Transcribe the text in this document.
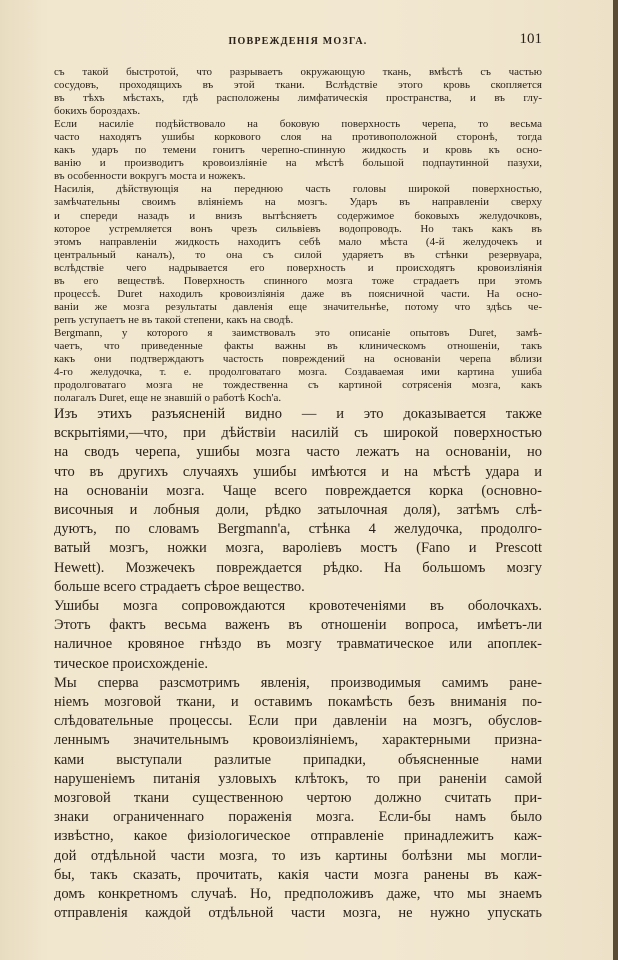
ПОВРЕЖДЕНІЯ МОЗГА.	101
съ такой быстротой, что разрываетъ окружающую ткань, вмѣстѣ съ частью
сосудовъ, проходящихъ въ этой ткани. Вслѣдствіе этого кровь скопляется
въ тѣхъ мѣстахъ, гдѣ расположены лимфатическія пространства, и въ глу-
бокихъ бороздахъ.
Если насиліе подѣйствовало на боковую поверхность черепа, то весьма
часто находятъ ушибы коркового слоя на противоположной сторонѣ, тогда
какъ ударъ по темени гонитъ черепно-спинную жидкость и кровь къ осно-
ванію и производитъ кровоизліяніе на мѣстѣ большой подпаутинной пазухи,
въ особенности вокругъ моста и ножекъ.
Насилія, дѣйствующія на переднюю часть головы широкой поверхностью,
замѣчательны своимъ вліяніемъ на мозгъ. Ударъ въ направленіи сверху
и спереди назадъ и внизъ вытѣсняетъ содержимое боковыхъ желудочковъ,
которое устремляется вонъ чрезъ сильвіевъ водопроводъ. Но такъ какъ въ
этомъ направленіи жидкость находитъ себѣ мало мѣста (4-й желудочекъ и
центральный каналъ), то она съ силой ударяетъ въ стѣнки резервуара,
вслѣдствіе чего надрывается его поверхность и происходятъ кровоизліянія
въ его веществѣ. Поверхность спинного мозга тоже страдаетъ при этомъ
процессѣ. Duret находилъ кровоизліянія даже въ поясничной части. На осно-
ваніи же мозга результаты давленія еще значительнѣе, потому что здѣсь че-
репъ уступаетъ не въ такой степени, какъ на сводѣ.
Bergmann, у которого я заимствовалъ это описаніе опытовъ Duret, замѣ-
чаетъ, что приведенные факты важны въ клиническомъ отношеніи, такъ
какъ они подтверждаютъ частость повреждений на основаніи черепа вблизи
4-го желудочка, т. е. продолговатаго мозга. Создаваемая ими картина ушиба
продолговатаго мозга не тождественна съ картиной сотрясенія мозга, какъ
полагалъ Duret, еще не знавшій о работѣ Koch'а.
Изъ этихъ разъясненій видно — и это доказывается также
вскрытіями,—что, при дѣйствіи насилій съ широкой поверхностью
на сводъ черепа, ушибы мозга часто лежатъ на основаніи, но
что въ другихъ случаяхъ ушибы имѣются и на мѣстѣ удара и
на основаніи мозга. Чаще всего повреждается корка (основно-
височныя и лобныя доли, рѣдко затылочная доля), затѣмъ слѣ-
дуютъ, по словамъ Bergmann'а, стѣнка 4 желудочка, продолго-
ватый мозгъ, ножки мозга, вароліевъ мостъ (Fano и Prescott
Hewett). Мозжечекъ повреждается рѣдко. На большомъ мозгу
больше всего страдаетъ сѣрое вещество.
Ушибы мозга сопровождаются кровотеченіями въ оболочкахъ.
Этотъ фактъ весьма важенъ въ отношеніи вопроса, имѣетъ-ли
наличное кровяное гнѣздо въ мозгу травматическое или апоплек-
тическое происхожденіе.
Мы сперва разсмотримъ явленія, производимыя самимъ ране-
ніемъ мозговой ткани, и оставимъ покамѣсть безъ вниманія по-
слѣдовательные процессы. Если при давленіи на мозгъ, обуслов-
леннымъ значительнымъ кровоизліяніемъ, характерными призна-
ками выступали разлитые припадки, объясненные нами
нарушеніемъ питанія узловыхъ клѣтокъ, то при раненіи самой
мозговой ткани существенною чертою должно считать при-
знаки ограниченнаго пораженія мозга. Если-бы намъ было
извѣстно, какое физіологическое отправленіе принадлежитъ каж-
дой отдѣльной части мозга, то изъ картины болѣзни мы могли-
бы, такъ сказать, прочитать, какія части мозга ранены въ каж-
домъ конкретномъ случаѣ. Но, предположивъ даже, что мы знаемъ
отправленія каждой отдѣльной части мозга, не нужно упускать
